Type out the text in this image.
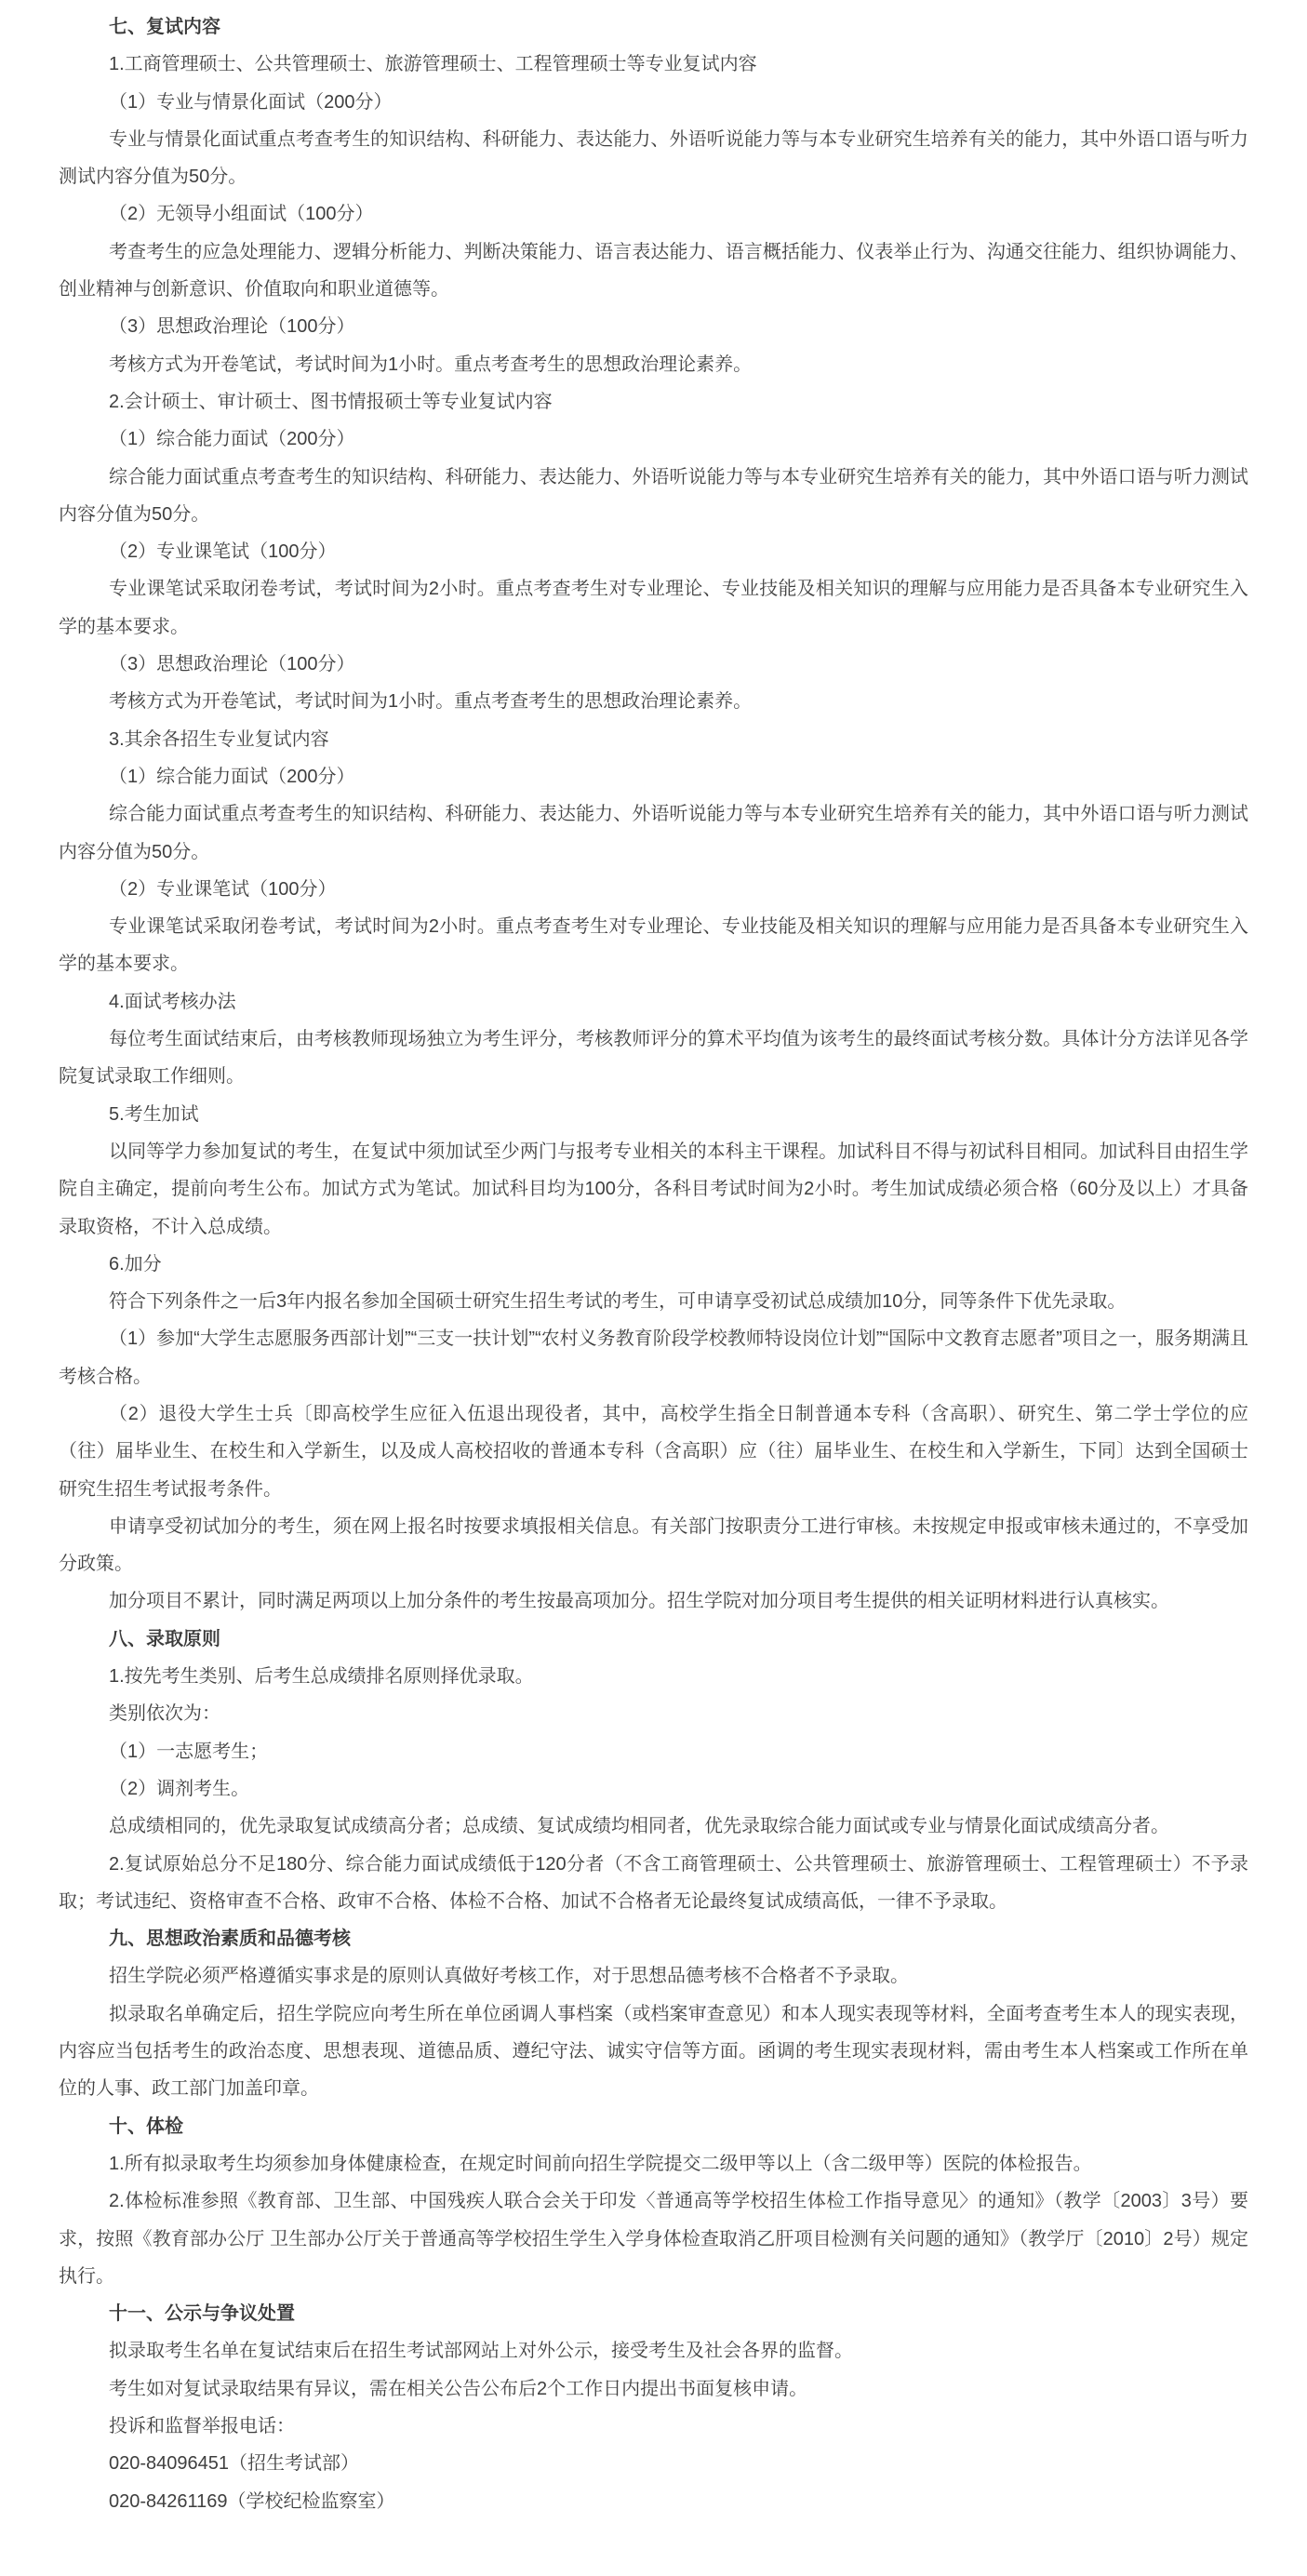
七、复试内容

1.工商管理硕士、公共管理硕士、旅游管理硕士、工程管理硕士等专业复试内容

（1）专业与情景化面试（200分）

专业与情景化面试重点考查考生的知识结构、科研能力、表达能力、外语听说能力等与本专业研究生培养有关的能力，其中外语口语与听力测试内容分值为50分。

（2）无领导小组面试（100分）

考查考生的应急处理能力、逻辑分析能力、判断决策能力、语言表达能力、语言概括能力、仪表举止行为、沟通交往能力、组织协调能力、创业精神与创新意识、价值取向和职业道德等。

（3）思想政治理论（100分）

考核方式为开卷笔试，考试时间为1小时。重点考查考生的思想政治理论素养。

2.会计硕士、审计硕士、图书情报硕士等专业复试内容

（1）综合能力面试（200分）

综合能力面试重点考查考生的知识结构、科研能力、表达能力、外语听说能力等与本专业研究生培养有关的能力，其中外语口语与听力测试内容分值为50分。

（2）专业课笔试（100分）

专业课笔试采取闭卷考试，考试时间为2小时。重点考查考生对专业理论、专业技能及相关知识的理解与应用能力是否具备本专业研究生入学的基本要求。

（3）思想政治理论（100分）

考核方式为开卷笔试，考试时间为1小时。重点考查考生的思想政治理论素养。

3.其余各招生专业复试内容

（1）综合能力面试（200分）

综合能力面试重点考查考生的知识结构、科研能力、表达能力、外语听说能力等与本专业研究生培养有关的能力，其中外语口语与听力测试内容分值为50分。

（2）专业课笔试（100分）

专业课笔试采取闭卷考试，考试时间为2小时。重点考查考生对专业理论、专业技能及相关知识的理解与应用能力是否具备本专业研究生入学的基本要求。

4.面试考核办法

每位考生面试结束后，由考核教师现场独立为考生评分，考核教师评分的算术平均值为该考生的最终面试考核分数。具体计分方法详见各学院复试录取工作细则。

5.考生加试

以同等学力参加复试的考生，在复试中须加试至少两门与报考专业相关的本科主干课程。加试科目不得与初试科目相同。加试科目由招生学院自主确定，提前向考生公布。加试方式为笔试。加试科目均为100分，各科目考试时间为2小时。考生加试成绩必须合格（60分及以上）才具备录取资格，不计入总成绩。

6.加分

符合下列条件之一后3年内报名参加全国硕士研究生招生考试的考生，可申请享受初试总成绩加10分，同等条件下优先录取。

（1）参加“大学生志愿服务西部计划”“三支一扶计划”“农村义务教育阶段学校教师特设岗位计划”“国际中文教育志愿者”项目之一，服务期满且考核合格。

（2）退役大学生士兵〔即高校学生应征入伍退出现役者，其中，高校学生指全日制普通本专科（含高职）、研究生、第二学士学位的应（往）届毕业生、在校生和入学新生，以及成人高校招收的普通本专科（含高职）应（往）届毕业生、在校生和入学新生，下同〕达到全国硕士研究生招生考试报考条件。

申请享受初试加分的考生，须在网上报名时按要求填报相关信息。有关部门按职责分工进行审核。未按规定申报或审核未通过的，不享受加分政策。

加分项目不累计，同时满足两项以上加分条件的考生按最高项加分。招生学院对加分项目考生提供的相关证明材料进行认真核实。

八、录取原则

1.按先考生类别、后考生总成绩排名原则择优录取。

类别依次为：

（1）一志愿考生；

（2）调剂考生。

总成绩相同的，优先录取复试成绩高分者；总成绩、复试成绩均相同者，优先录取综合能力面试或专业与情景化面试成绩高分者。

2.复试原始总分不足180分、综合能力面试成绩低于120分者（不含工商管理硕士、公共管理硕士、旅游管理硕士、工程管理硕士）不予录取；考试违纪、资格审查不合格、政审不合格、体检不合格、加试不合格者无论最终复试成绩高低，一律不予录取。

九、思想政治素质和品德考核

招生学院必须严格遵循实事求是的原则认真做好考核工作，对于思想品德考核不合格者不予录取。

拟录取名单确定后，招生学院应向考生所在单位函调人事档案（或档案审查意见）和本人现实表现等材料，全面考查考生本人的现实表现，内容应当包括考生的政治态度、思想表现、道德品质、遵纪守法、诚实守信等方面。函调的考生现实表现材料，需由考生本人档案或工作所在单位的人事、政工部门加盖印章。

十、体检

1.所有拟录取考生均须参加身体健康检查，在规定时间前向招生学院提交二级甲等以上（含二级甲等）医院的体检报告。

2.体检标准参照《教育部、卫生部、中国残疾人联合会关于印发〈普通高等学校招生体检工作指导意见〉的通知》（教学〔2003〕3号）要求，按照《教育部办公厅 卫生部办公厅关于普通高等学校招生学生入学身体检查取消乙肝项目检测有关问题的通知》（教学厅〔2010〕2号）规定执行。

十一、公示与争议处置

拟录取考生名单在复试结束后在招生考试部网站上对外公示，接受考生及社会各界的监督。

考生如对复试录取结果有异议，需在相关公告公布后2个工作日内提出书面复核申请。

投诉和监督举报电话：

020-84096451（招生考试部）

020-84261169（学校纪检监察室）
